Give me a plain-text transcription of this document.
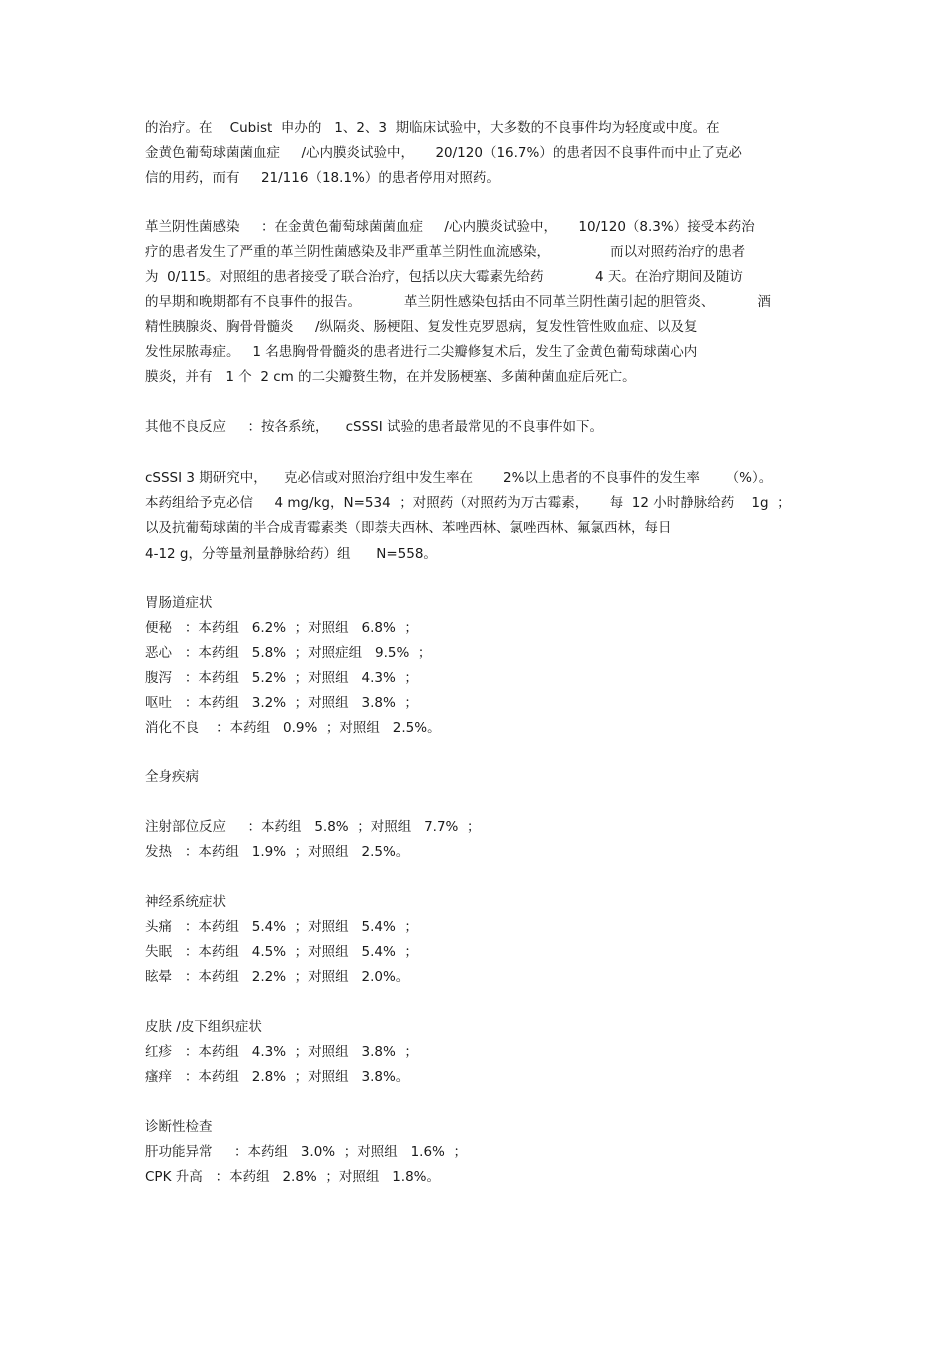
的治疗。在    Cubist  申办的   1、2、3  期临床试验中，大多数的不良事件均为轻度或中度。在
金黄色葡萄球菌菌血症     /心内膜炎试验中，     20/120（16.7%）的患者因不良事件而中止了克必
信的用药，而有     21/116（18.1%）的患者停用对照药。
革兰阴性菌感染     ：在金黄色葡萄球菌菌血症     /心内膜炎试验中，     10/120（8.3%）接受本药治
疗的患者发生了严重的革兰阴性菌感染及非严重革兰阴性血流感染，              而以对照药治疗的患者
为  0/115。对照组的患者接受了联合治疗，包括以庆大霉素先给药            4 天。在治疗期间及随访
的早期和晚期都有不良事件的报告。          革兰阴性感染包括由不同革兰阴性菌引起的胆管炎、          酒
精性胰腺炎、胸骨骨髓炎     /纵隔炎、肠梗阻、复发性克罗恩病，复发性管性败血症、以及复
发性尿脓毒症。   1 名患胸骨骨髓炎的患者进行二尖瓣修复术后，发生了金黄色葡萄球菌心内
膜炎，并有   1 个  2 cm 的二尖瓣赘生物，在并发肠梗塞、多菌种菌血症后死亡。
其他不良反应     ：按各系统，    cSSSI 试验的患者最常见的不良事件如下。
cSSSI 3 期研究中，    克必信或对照治疗组中发生率在       2%以上患者的不良事件的发生率      （%）。
本药组给予克必信     4 mg/kg，N=534  ；对照药（对照药为万古霉素，     每  12 小时静脉给药    1g  ；
以及抗葡萄球菌的半合成青霉素类（即萘夫西林、苯唑西林、氯唑西林、氟氯西林，每日
4-12 g，分等量剂量静脉给药）组      N=558。
胃肠道症状
便秘   ：本药组   6.2%  ；对照组   6.8%  ；
恶心   ：本药组   5.8%  ；对照症组   9.5%  ；
腹泻   ：本药组   5.2%  ；对照组   4.3%  ；
呕吐   ：本药组   3.2%  ；对照组   3.8%  ；
消化不良    ：本药组   0.9%  ；对照组   2.5%。
全身疾病
注射部位反应     ：本药组   5.8%  ；对照组   7.7%  ；
发热   ：本药组   1.9%  ；对照组   2.5%。
神经系统症状
头痛   ：本药组   5.4%  ；对照组   5.4%  ；
失眠   ：本药组   4.5%  ；对照组   5.4%  ；
眩晕   ：本药组   2.2%  ；对照组   2.0%。
皮肤 /皮下组织症状
红疹   ：本药组   4.3%  ；对照组   3.8%  ；
瘙痒   ：本药组   2.8%  ；对照组   3.8%。
诊断性检查
肝功能异常     ：本药组   3.0%  ；对照组   1.6%  ；
CPK 升高   ：本药组   2.8%  ；对照组   1.8%。
